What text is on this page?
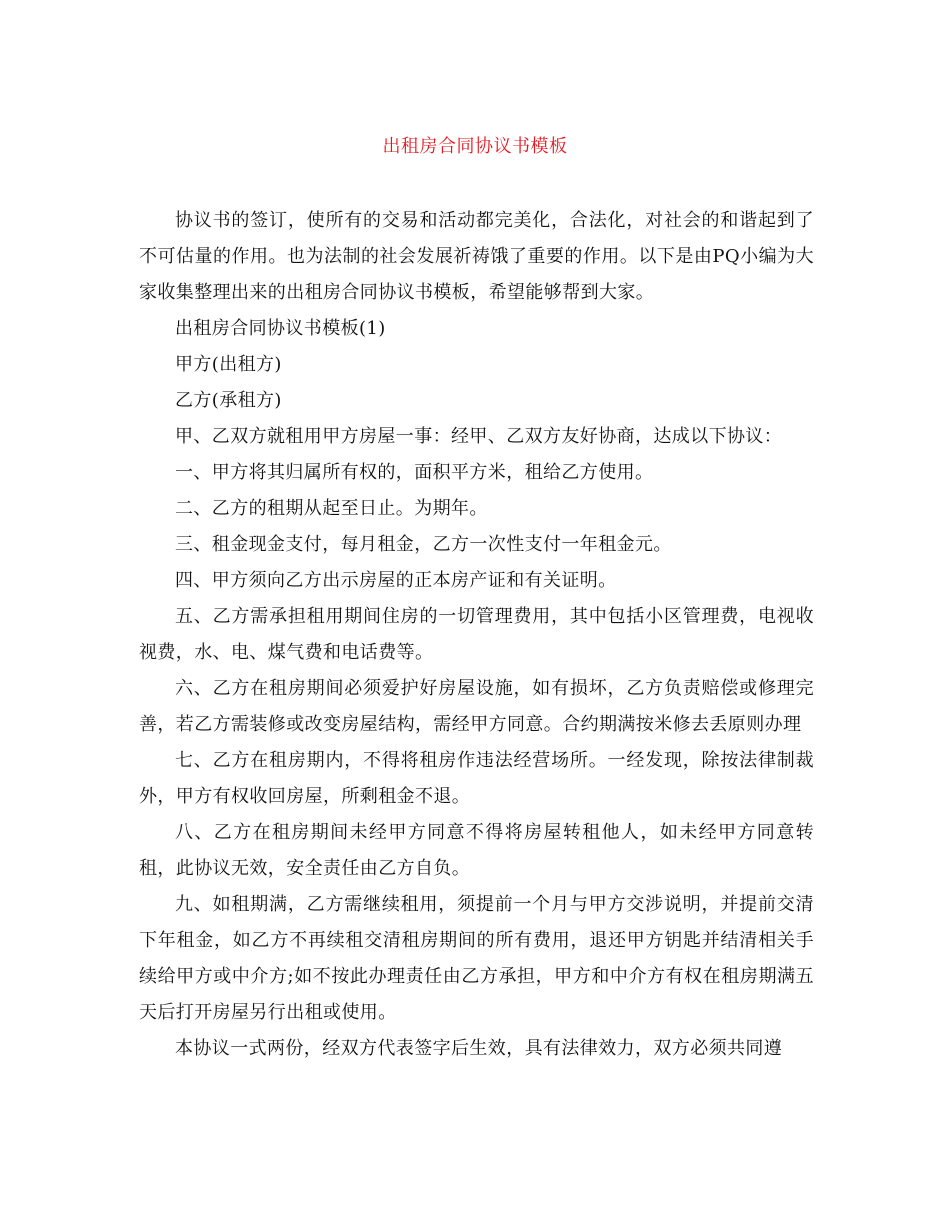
出租房合同协议书模板

协议书的签订，使所有的交易和活动都完美化，合法化，对社会的和谐起到了不可估量的作用。也为法制的社会发展祈祷饿了重要的作用。以下是由PQ小编为大家收集整理出来的出租房合同协议书模板，希望能够帮到大家。

出租房合同协议书模板(1)

甲方(出租方)

乙方(承租方)

甲、乙双方就租用甲方房屋一事：经甲、乙双方友好协商，达成以下协议：

一、甲方将其归属所有权的，面积平方米，租给乙方使用。

二、乙方的租期从起至日止。为期年。

三、租金现金支付，每月租金，乙方一次性支付一年租金元。

四、甲方须向乙方出示房屋的正本房产证和有关证明。

五、乙方需承担租用期间住房的一切管理费用，其中包括小区管理费，电视收视费，水、电、煤气费和电话费等。

六、乙方在租房期间必须爱护好房屋设施，如有损坏，乙方负责赔偿或修理完善，若乙方需装修或改变房屋结构，需经甲方同意。合约期满按米修去丢原则办理

七、乙方在租房期内，不得将租房作违法经营场所。一经发现，除按法律制裁外，甲方有权收回房屋，所剩租金不退。

八、乙方在租房期间未经甲方同意不得将房屋转租他人，如未经甲方同意转租，此协议无效，安全责任由乙方自负。

九、如租期满，乙方需继续租用，须提前一个月与甲方交涉说明，并提前交清下年租金，如乙方不再续租交清租房期间的所有费用，退还甲方钥匙并结清相关手续给甲方或中介方;如不按此办理责任由乙方承担，甲方和中介方有权在租房期满五天后打开房屋另行出租或使用。

本协议一式两份，经双方代表签字后生效，具有法律效力，双方必须共同遵
